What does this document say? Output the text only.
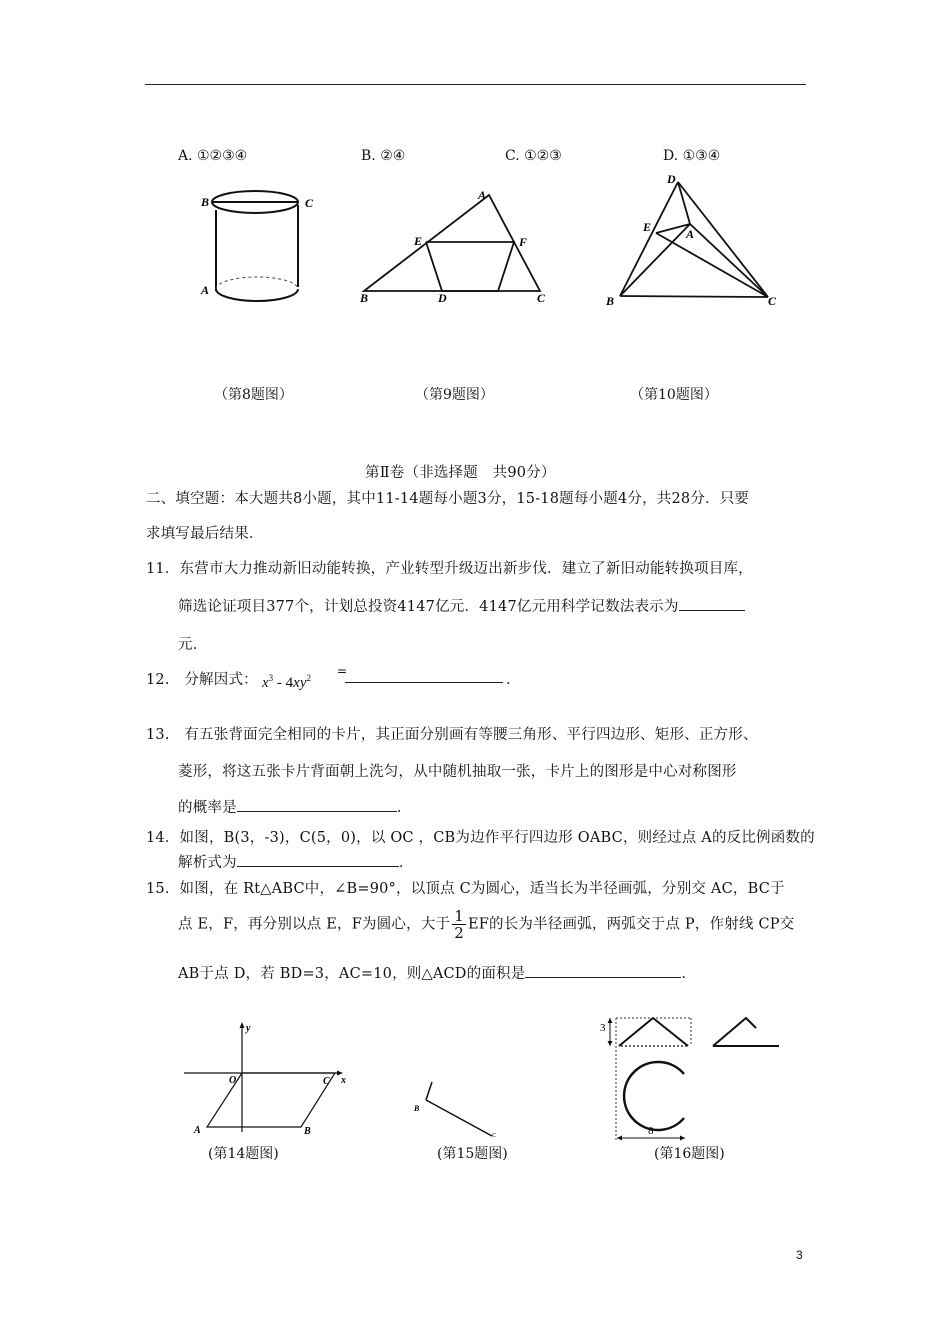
A. ①②③④	B. ②④	C. ①②③	D. ①③④
B	C
A
A
E	F
B	D	C
D
E	A
B	C
（第8题图）	（第9题图）	（第10题图）
第Ⅱ卷（非选择题　共90分）
二、填空题：本大题共8小题，其中11-14题每小题3分，15-18题每小题4分，共28分．只要
求填写最后结果．
11．东营市大力推动新旧动能转换，产业转型升级迈出新步伐．建立了新旧动能转换项目库，
筛选论证项目377个，计划总投资4147亿元．4147亿元用科学记数法表示为
元．
12.　分解因式： $x^3 - 4xy^2$ =
．
13.　有五张背面完全相同的卡片，其正面分别画有等腰三角形、平行四边形、矩形、正方形、
菱形，将这五张卡片背面朝上洗匀，从中随机抽取一张，卡片上的图形是中心对称图形
的概率是	．
14．如图，B(3，-3)，C(5，0)，以 OC ，CB为边作平行四边形 OABC，则经过点 A的反比例函数的
解析式为	．
15．如图，在 Rt△ABC中，∠B=90°，以顶点 C为圆心，适当长为半径画弧，分别交 AC，BC于
点 E，F，再分别以点 E，F为圆心，大于 $\frac{1}{2}$ EF的长为半径画弧，两弧交于点 P，作射线 CP交
AB于点 D，若 BD=3，AC=10，则△ACD的面积是	．
y
O	C x
A	B
B
C
3
8
(第14题图)	(第15题图)	(第16题图)
3
